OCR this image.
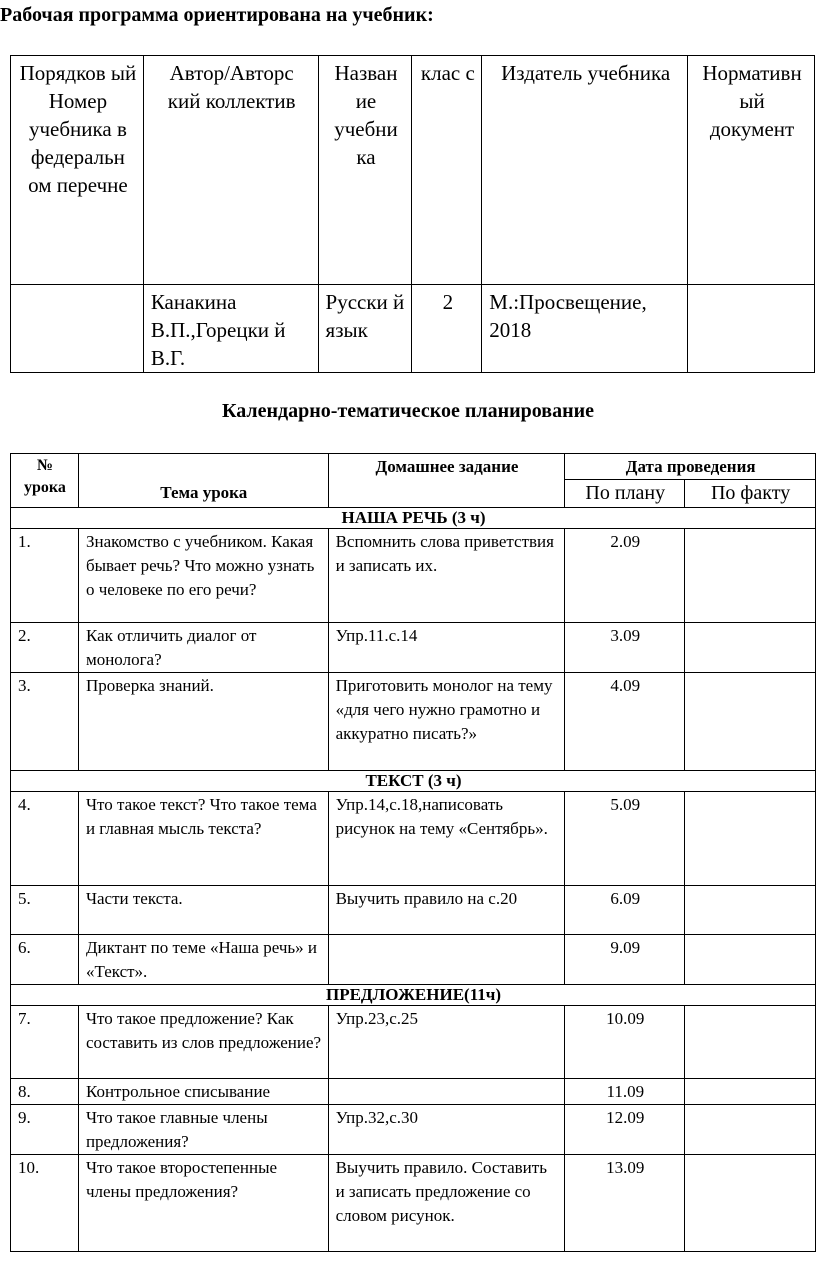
Рабочая программа ориентирована на учебник:
Порядков ый Номер учебника в федеральн ом перечне	Автор/Авторс кий коллектив	Назван ие учебни ка	клас с	Издатель учебника	Нормативн ый документ
	Канакина В.П.,Горецки й В.Г.	Русски й язык	2	М.:Просвещение, 2018	
Календарно-тематическое планирование
№ урока	Тема урока	Домашнее задание	Дата проведения	
			По плану	По факту
НАША РЕЧЬ (3 ч)				
1.	Знакомство с учебником. Какая бывает речь? Что можно узнать о человеке по его речи?	Вспомнить слова приветствия и записать их.	2.09	
2.	Как отличить диалог от монолога?	Упр.11.с.14	3.09	
3.	Проверка знаний.	Приготовить монолог на тему «для чего нужно грамотно и аккуратно писать?»	4.09	
ТЕКСТ (3 ч)				
4.	Что такое текст? Что такое тема и главная мысль текста?	Упр.14,с.18,написовать рисунок на тему «Сентябрь».	5.09	
5.	Части текста.	Выучить правило на с.20	6.09	
6.	Диктант по теме «Наша речь» и «Текст».		9.09	
ПРЕДЛОЖЕНИЕ(11ч)				
7.	Что такое предложение? Как составить из слов предложение?	Упр.23,с.25	10.09	
8.	Контрольное списывание		11.09	
9.	Что такое главные члены предложения?	Упр.32,с.30	12.09	
10.	Что такое второстепенные члены предложения?	Выучить правило. Составить и записать предложение со словом рисунок.	13.09	
